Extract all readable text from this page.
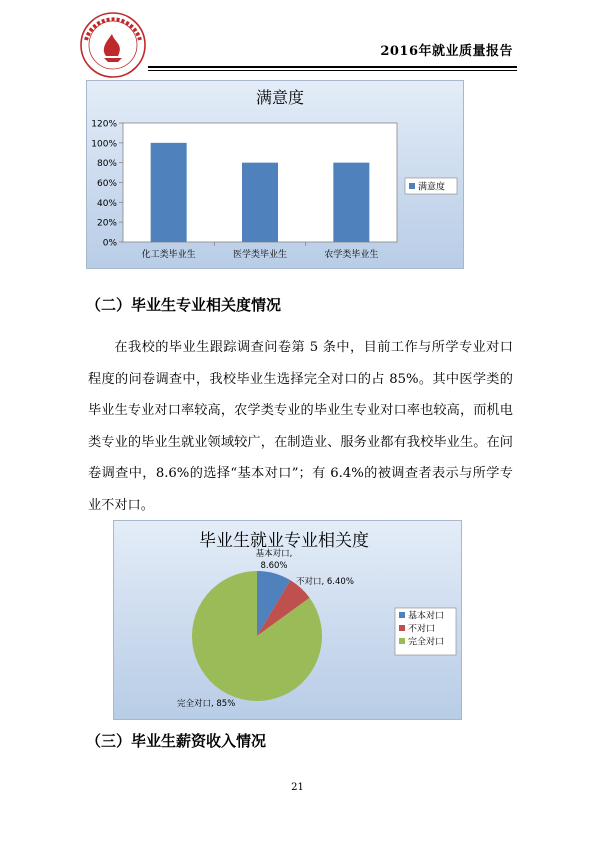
2016年就业质量报告
满意度
0%
20%
40%
60%
80%
100%
120%
化工类毕业生	医学类毕业生	农学类毕业生
满意度
（二）毕业生专业相关度情况

在我校的毕业生跟踪调查问卷第 5 条中，目前工作与所学专业对口程度的问卷调查中，我校毕业生选择完全对口的占 85%。其中医学类的毕业生专业对口率较高，农学类专业的毕业生专业对口率也较高，而机电类专业的毕业生就业领域较广，在制造业、服务业都有我校毕业生。在问卷调查中，8.6%的选择“基本对口”；有 6.4%的被调查者表示与所学专业不对口。

毕业生就业专业相关度
基本对口,
8.60%
不对口, 6.40%
完全对口, 85%
基本对口
不对口
完全对口
（三）毕业生薪资收入情况
21
